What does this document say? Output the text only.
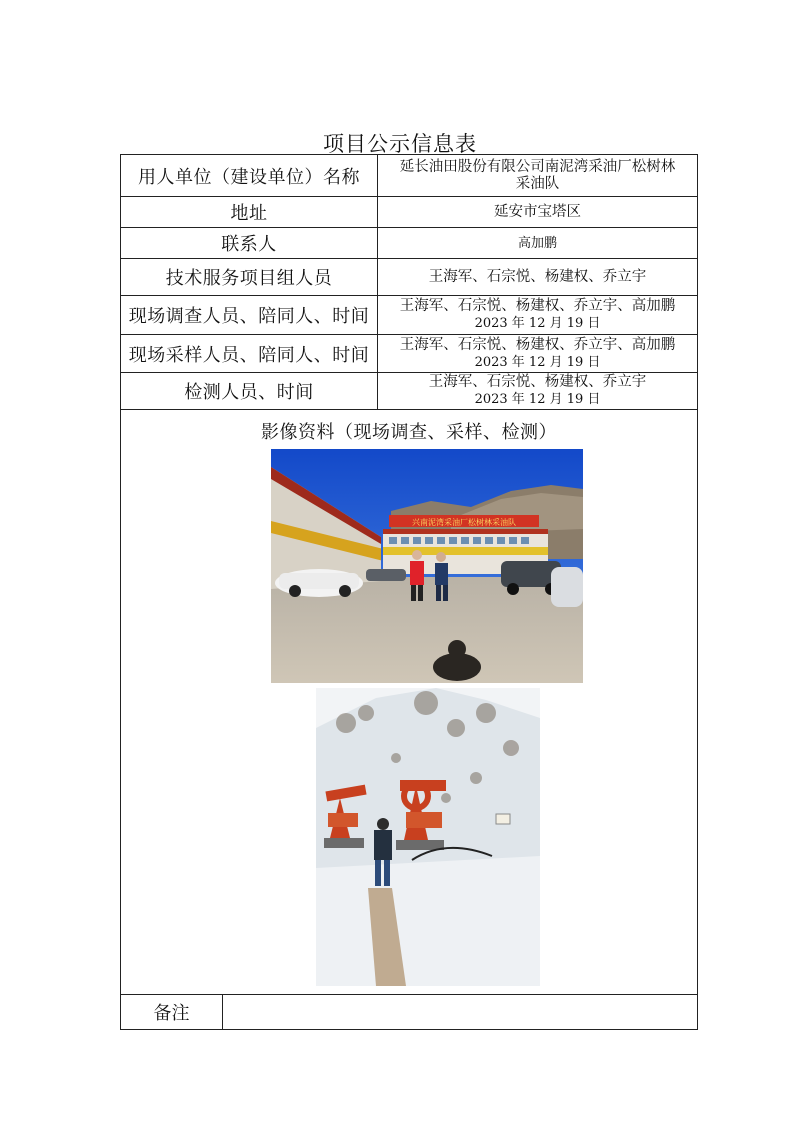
项目公示信息表
用人单位（建设单位）名称	延长油田股份有限公司南泥湾采油厂松树林
采油队

地址	延安市宝塔区
联系人	高加鹏
技术服务项目组人员	王海军、石宗悦、杨建权、乔立宇
现场调查人员、陪同人、时间	王海军、石宗悦、杨建权、乔立宇、高加鹏
2023 年 12 月 19 日

现场采样人员、陪同人、时间	王海军、石宗悦、杨建权、乔立宇、高加鹏
2023 年 12 月 19 日

检测人员、时间	王海军、石宗悦、杨建权、乔立宇
2023 年 12 月 19 日

影像资料（现场调查、采样、检测）
兴南泥湾采油厂松树林采油队	
备注	
